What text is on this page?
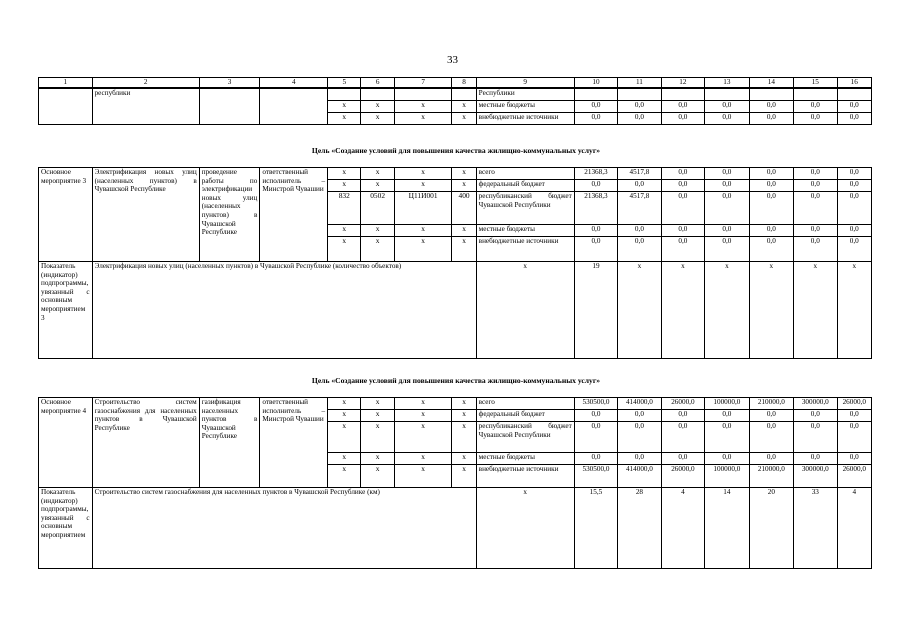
33
1	2	3	4	5	6	7	8	9	10	11	12	13	14	15	16
	республики							Республики							
				x	x	x	x	местные бюджеты	0,0	0,0	0,0	0,0	0,0	0,0	0,0
				x	x	x	x	внебюджетные источники	0,0	0,0	0,0	0,0	0,0	0,0	0,0
Цель «Создание условий для повышения качества жилищно-коммунальных услуг»
Основное мероприятие 3	Электрификация новых улиц (населенных пунктов) в Чувашской Республике	проведение работы по электрификации новых улиц (населенных пунктов) в Чувашской Республике	ответственный исполнитель – Минстрой Чувашии	x	x	x	x	всего	21368,3	4517,8	0,0	0,0	0,0	0,0	0,0
				x	x	x	x	федеральный бюджет	0,0	0,0	0,0	0,0	0,0	0,0	0,0
				832	0502	Ц11И001	400	республиканский бюджет Чувашской Республики	21368,3	4517,8	0,0	0,0	0,0	0,0	0,0
				x	x	x	x	местные бюджеты	0,0	0,0	0,0	0,0	0,0	0,0	0,0
				x	x	x	x	внебюджетные источники	0,0	0,0	0,0	0,0	0,0	0,0	0,0
Показатель (индикатор) подпрограммы, увязанный с основным мероприятием 3	Электрификация новых улиц (населенных пунктов) в Чувашской Республике (количество объектов)							x	19	x	x	x	x	x	x
Цель «Создание условий для повышения качества жилищно-коммунальных услуг»
Основное мероприятие 4	Строительство систем газоснабжения для населенных пунктов в Чувашской Республике	газификация населенных пунктов в Чувашской Республике	ответственный исполнитель – Минстрой Чувашии	x	x	x	x	всего	530500,0	414000,0	26000,0	100000,0	210000,0	300000,0	26000,0
				x	x	x	x	федеральный бюджет	0,0	0,0	0,0	0,0	0,0	0,0	0,0
				x	x	x	x	республиканский бюджет Чувашской Республики	0,0	0,0	0,0	0,0	0,0	0,0	0,0
				x	x	x	x	местные бюджеты	0,0	0,0	0,0	0,0	0,0	0,0	0,0
				x	x	x	x	внебюджетные источники	530500,0	414000,0	26000,0	100000,0	210000,0	300000,0	26000,0
Показатель (индикатор) подпрограммы, увязанный с основным мероприятием	Строительство систем газоснабжения для населенных пунктов в Чувашской Республике (км)							x	15,5	28	4	14	20	33	4
